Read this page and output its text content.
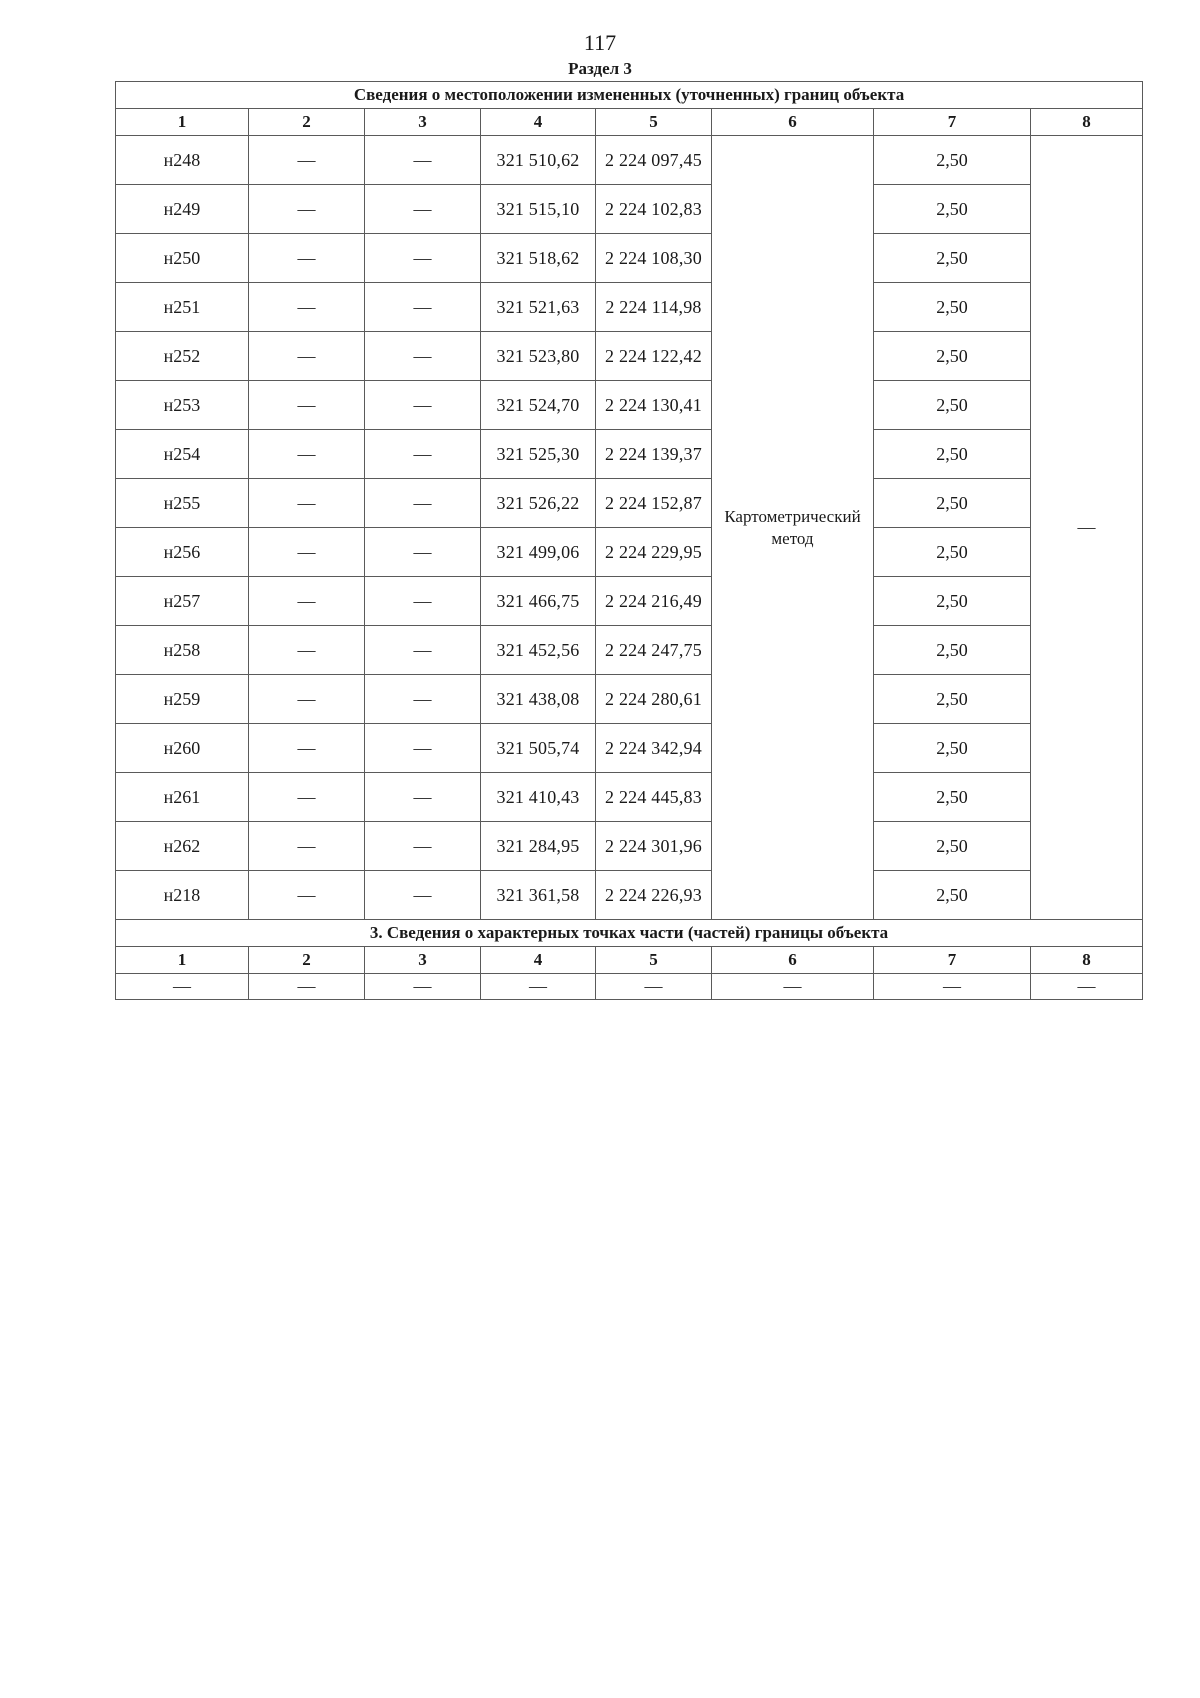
117
Раздел 3
Сведения о местоположении измененных (уточненных) границ объекта							
1	2	3	4	5	6	7	8
н248	—	—	321 510,62	2 224 097,45	Картометрический метод	2,50	—
н249	—	—	321 515,10	2 224 102,83		2,50	
н250	—	—	321 518,62	2 224 108,30		2,50	
н251	—	—	321 521,63	2 224 114,98		2,50	
н252	—	—	321 523,80	2 224 122,42		2,50	
н253	—	—	321 524,70	2 224 130,41		2,50	
н254	—	—	321 525,30	2 224 139,37		2,50	
н255	—	—	321 526,22	2 224 152,87		2,50	
н256	—	—	321 499,06	2 224 229,95		2,50	
н257	—	—	321 466,75	2 224 216,49		2,50	
н258	—	—	321 452,56	2 224 247,75		2,50	
н259	—	—	321 438,08	2 224 280,61		2,50	
н260	—	—	321 505,74	2 224 342,94		2,50	
н261	—	—	321 410,43	2 224 445,83		2,50	
н262	—	—	321 284,95	2 224 301,96		2,50	
н218	—	—	321 361,58	2 224 226,93		2,50	
3. Сведения о характерных точках части (частей) границы объекта							
1	2	3	4	5	6	7	8
—	—	—	—	—	—	—	—
